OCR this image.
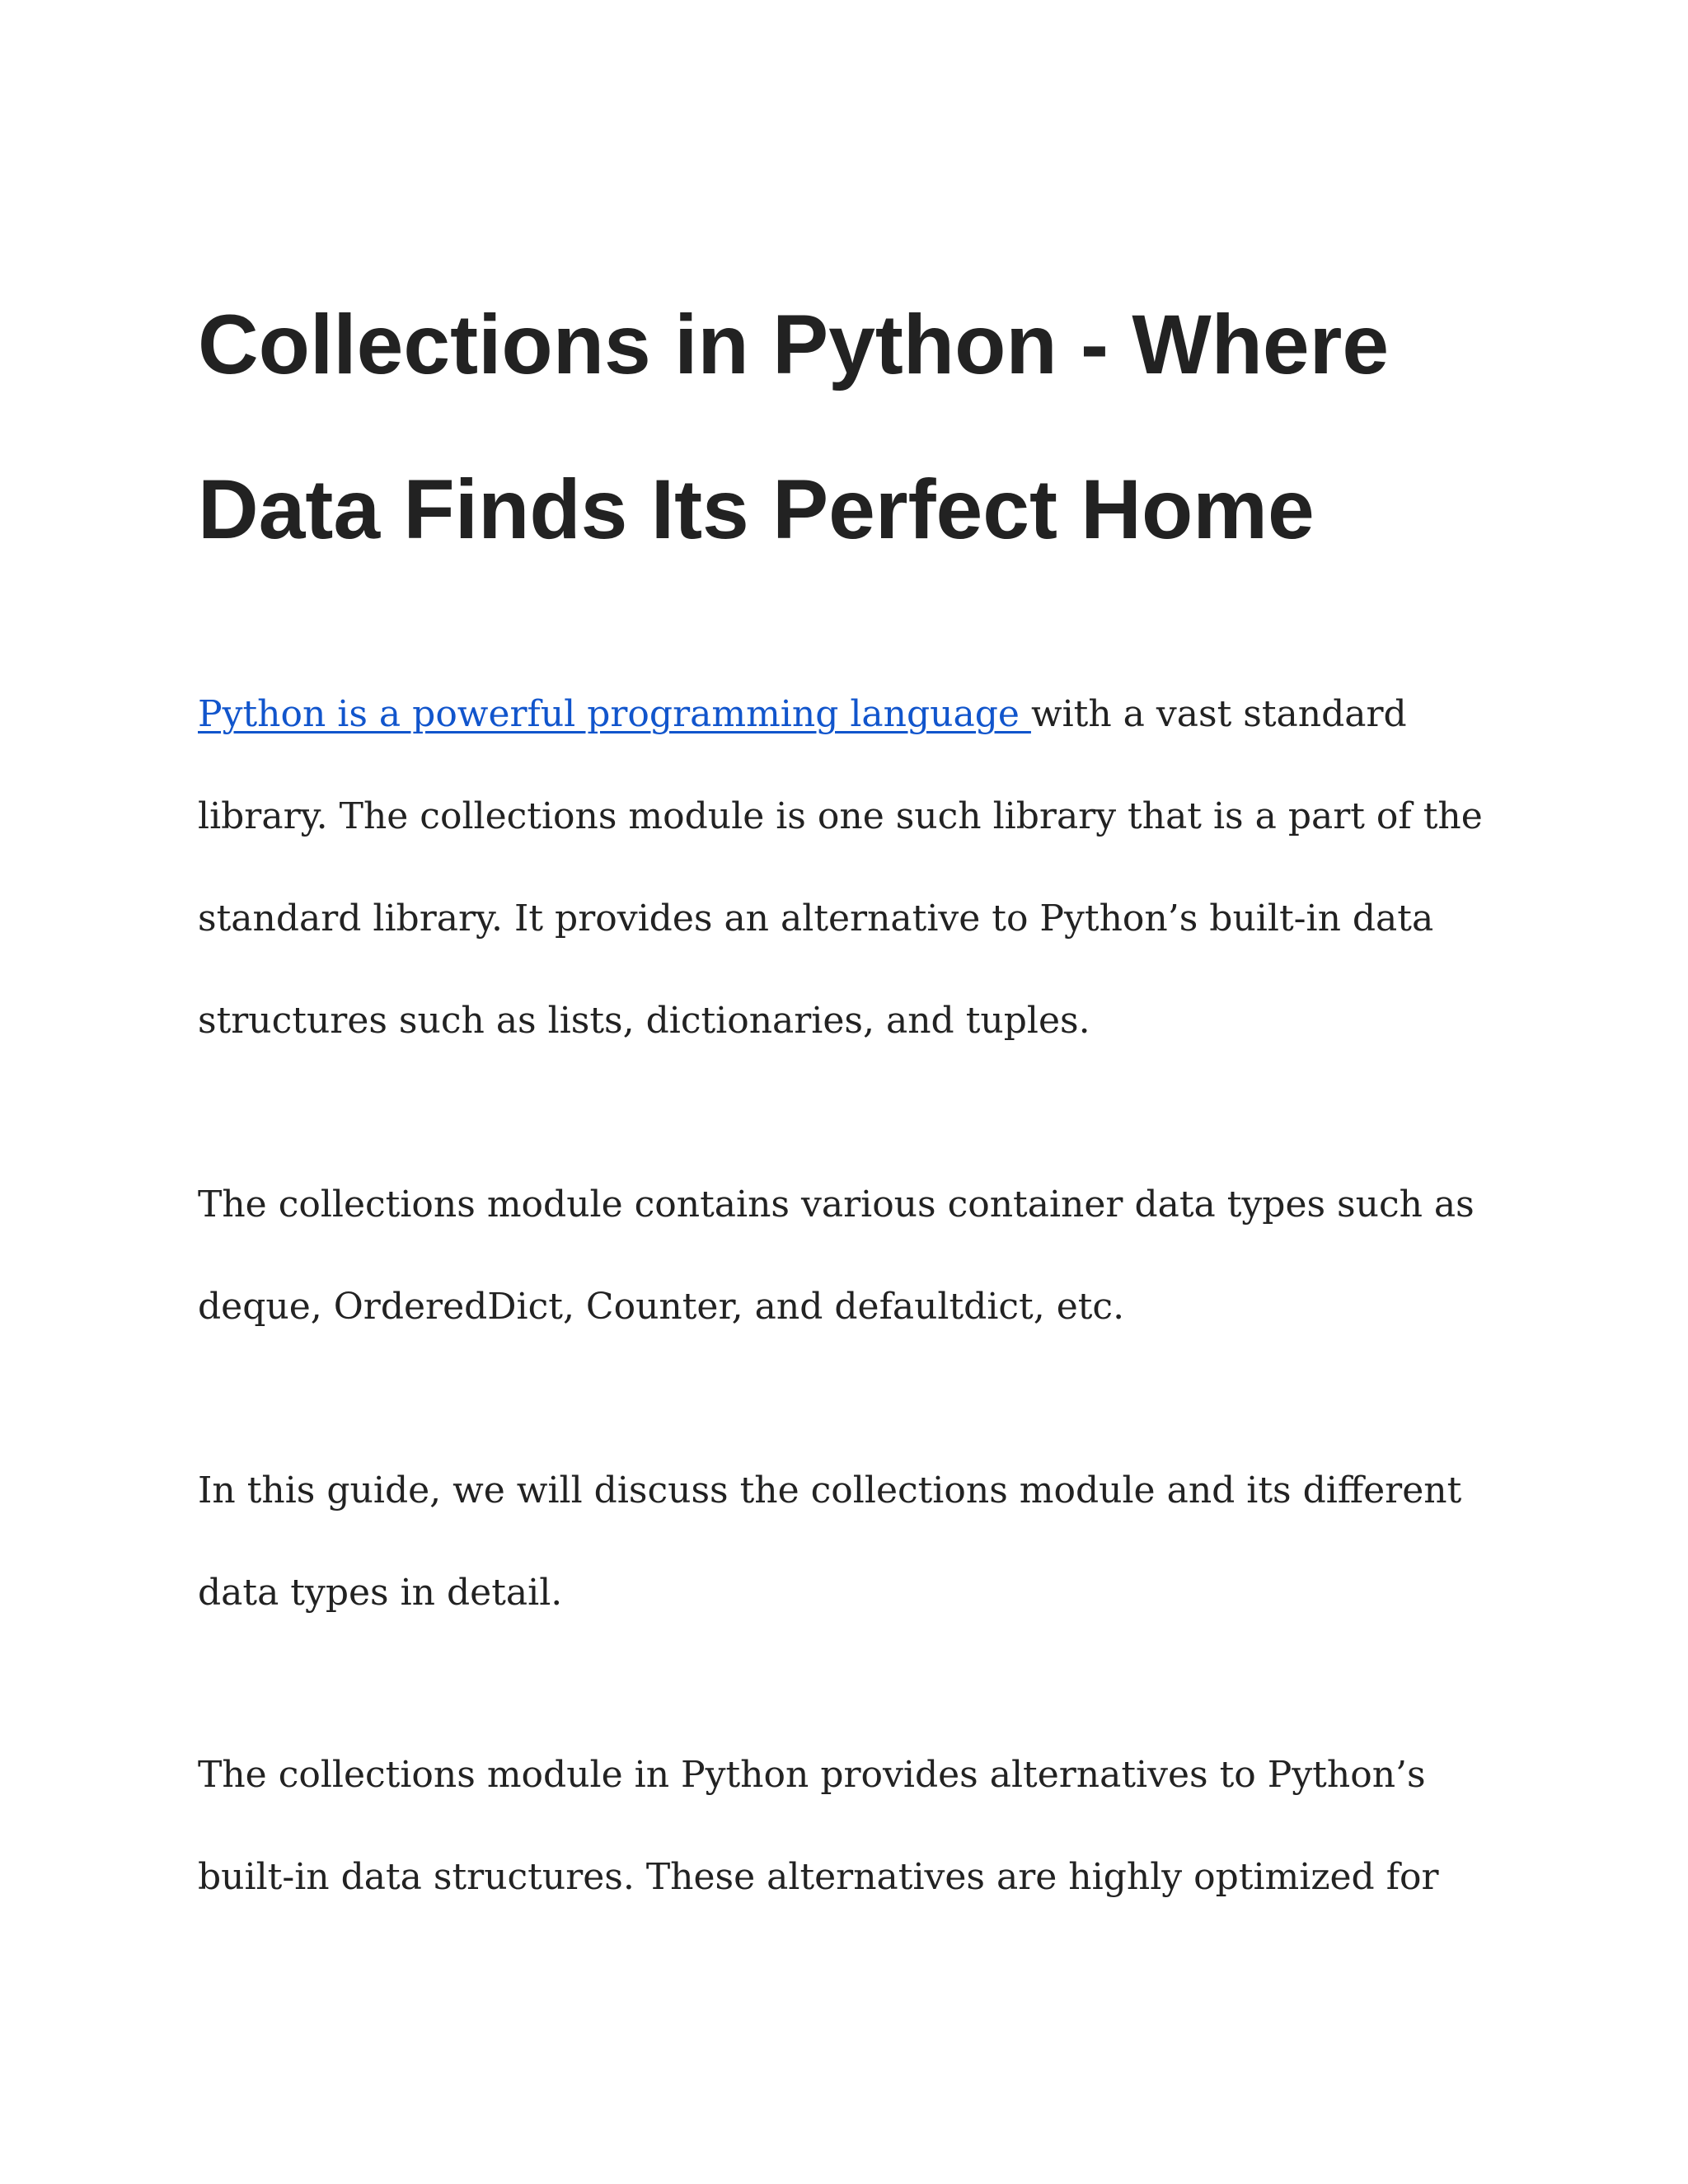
Collections in Python - Where Data Finds Its Perfect Home

Python is a powerful programming language with a vast standard library. The collections module is one such library that is a part of the standard library. It provides an alternative to Python’s built-in data structures such as lists, dictionaries, and tuples.

The collections module contains various container data types such as deque, OrderedDict, Counter, and defaultdict, etc.

In this guide, we will discuss the collections module and its different data types in detail.

The collections module in Python provides alternatives to Python’s built-in data structures. These alternatives are highly optimized for
